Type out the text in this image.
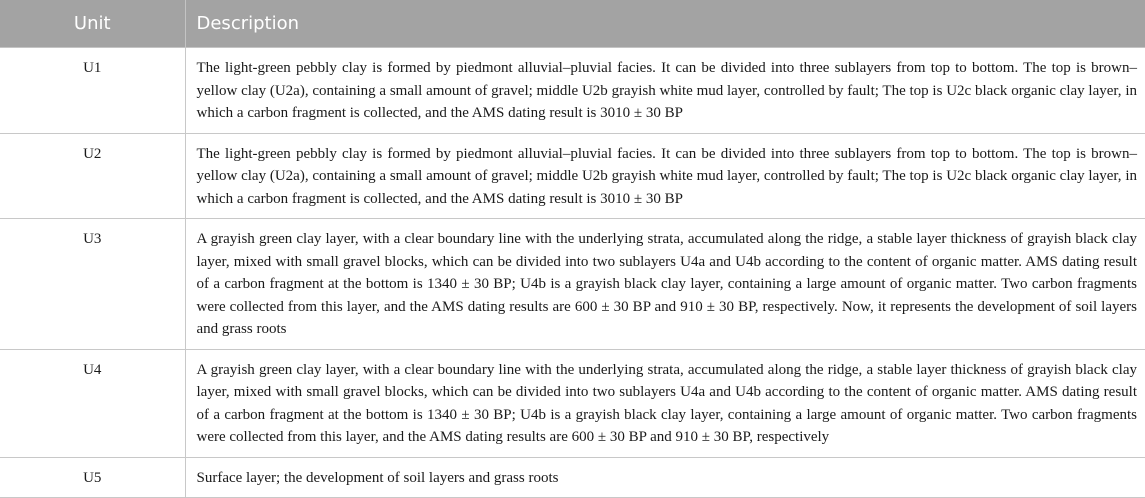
Unit	Description
U1	The light-green pebbly clay is formed by piedmont alluvial–pluvial facies. It can be divided into three sublayers from top to bottom. The top is brown–yellow clay (U2a), containing a small amount of gravel; middle U2b grayish white mud layer, controlled by fault; The top is U2c black organic clay layer, in which a carbon fragment is collected, and the AMS dating result is 3010 ± 30 BP
U2	The light-green pebbly clay is formed by piedmont alluvial–pluvial facies. It can be divided into three sublayers from top to bottom. The top is brown–yellow clay (U2a), containing a small amount of gravel; middle U2b grayish white mud layer, controlled by fault; The top is U2c black organic clay layer, in which a carbon fragment is collected, and the AMS dating result is 3010 ± 30 BP
U3	A grayish green clay layer, with a clear boundary line with the underlying strata, accumulated along the ridge, a stable layer thickness of grayish black clay layer, mixed with small gravel blocks, which can be divided into two sublayers U4a and U4b according to the content of organic matter. AMS dating result of a carbon fragment at the bottom is 1340 ± 30 BP; U4b is a grayish black clay layer, containing a large amount of organic matter. Two carbon fragments were collected from this layer, and the AMS dating results are 600 ± 30 BP and 910 ± 30 BP, respectively. Now, it represents the development of soil layers and grass roots
U4	A grayish green clay layer, with a clear boundary line with the underlying strata, accumulated along the ridge, a stable layer thickness of grayish black clay layer, mixed with small gravel blocks, which can be divided into two sublayers U4a and U4b according to the content of organic matter. AMS dating result of a carbon fragment at the bottom is 1340 ± 30 BP; U4b is a grayish black clay layer, containing a large amount of organic matter. Two carbon fragments were collected from this layer, and the AMS dating results are 600 ± 30 BP and 910 ± 30 BP, respectively
U5	Surface layer; the development of soil layers and grass roots
